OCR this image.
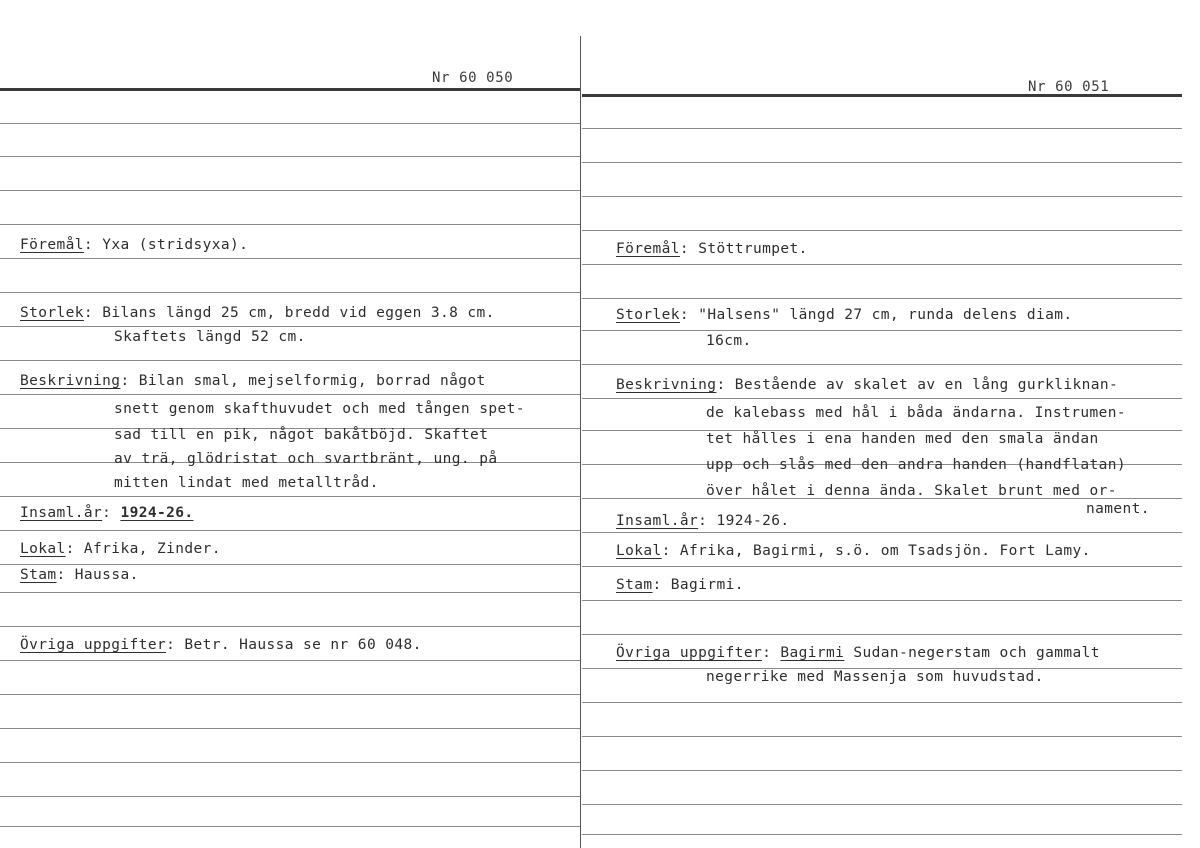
Nr 60 050
Föremål: Yxa (stridsyxa).
Storlek: Bilans längd 25 cm, bredd vid eggen 3.8 cm.
Skaftets längd 52 cm.
Beskrivning: Bilan smal, mejselformig, borrad något
snett genom skafthuvudet och med tången spet-
sad till en pik, något bakåtböjd. Skaftet
av trä, glödristat och svartbränt, ung. på
mitten lindat med metalltråd.
Insaml.år: 1924-26.
Lokal: Afrika, Zinder.
Stam: Haussa.
Övriga uppgifter: Betr. Haussa se nr 60 048.
Nr 60 051
Föremål: Stöttrumpet.
Storlek: "Halsens" längd 27 cm, runda delens diam.
16cm.
Beskrivning: Bestående av skalet av en lång gurkliknan-
de kalebass med hål i båda ändarna. Instrumen-
tet hålles i ena handen med den smala ändan
upp och slås med den andra handen (handflatan)
över hålet i denna ända. Skalet brunt med or-
nament.
Insaml.år: 1924-26.
Lokal: Afrika, Bagirmi, s.ö. om Tsadsjön. Fort Lamy.
Stam: Bagirmi.
Övriga uppgifter: Bagirmi Sudan-negerstam och gammalt
negerrike med Massenja som huvudstad.
